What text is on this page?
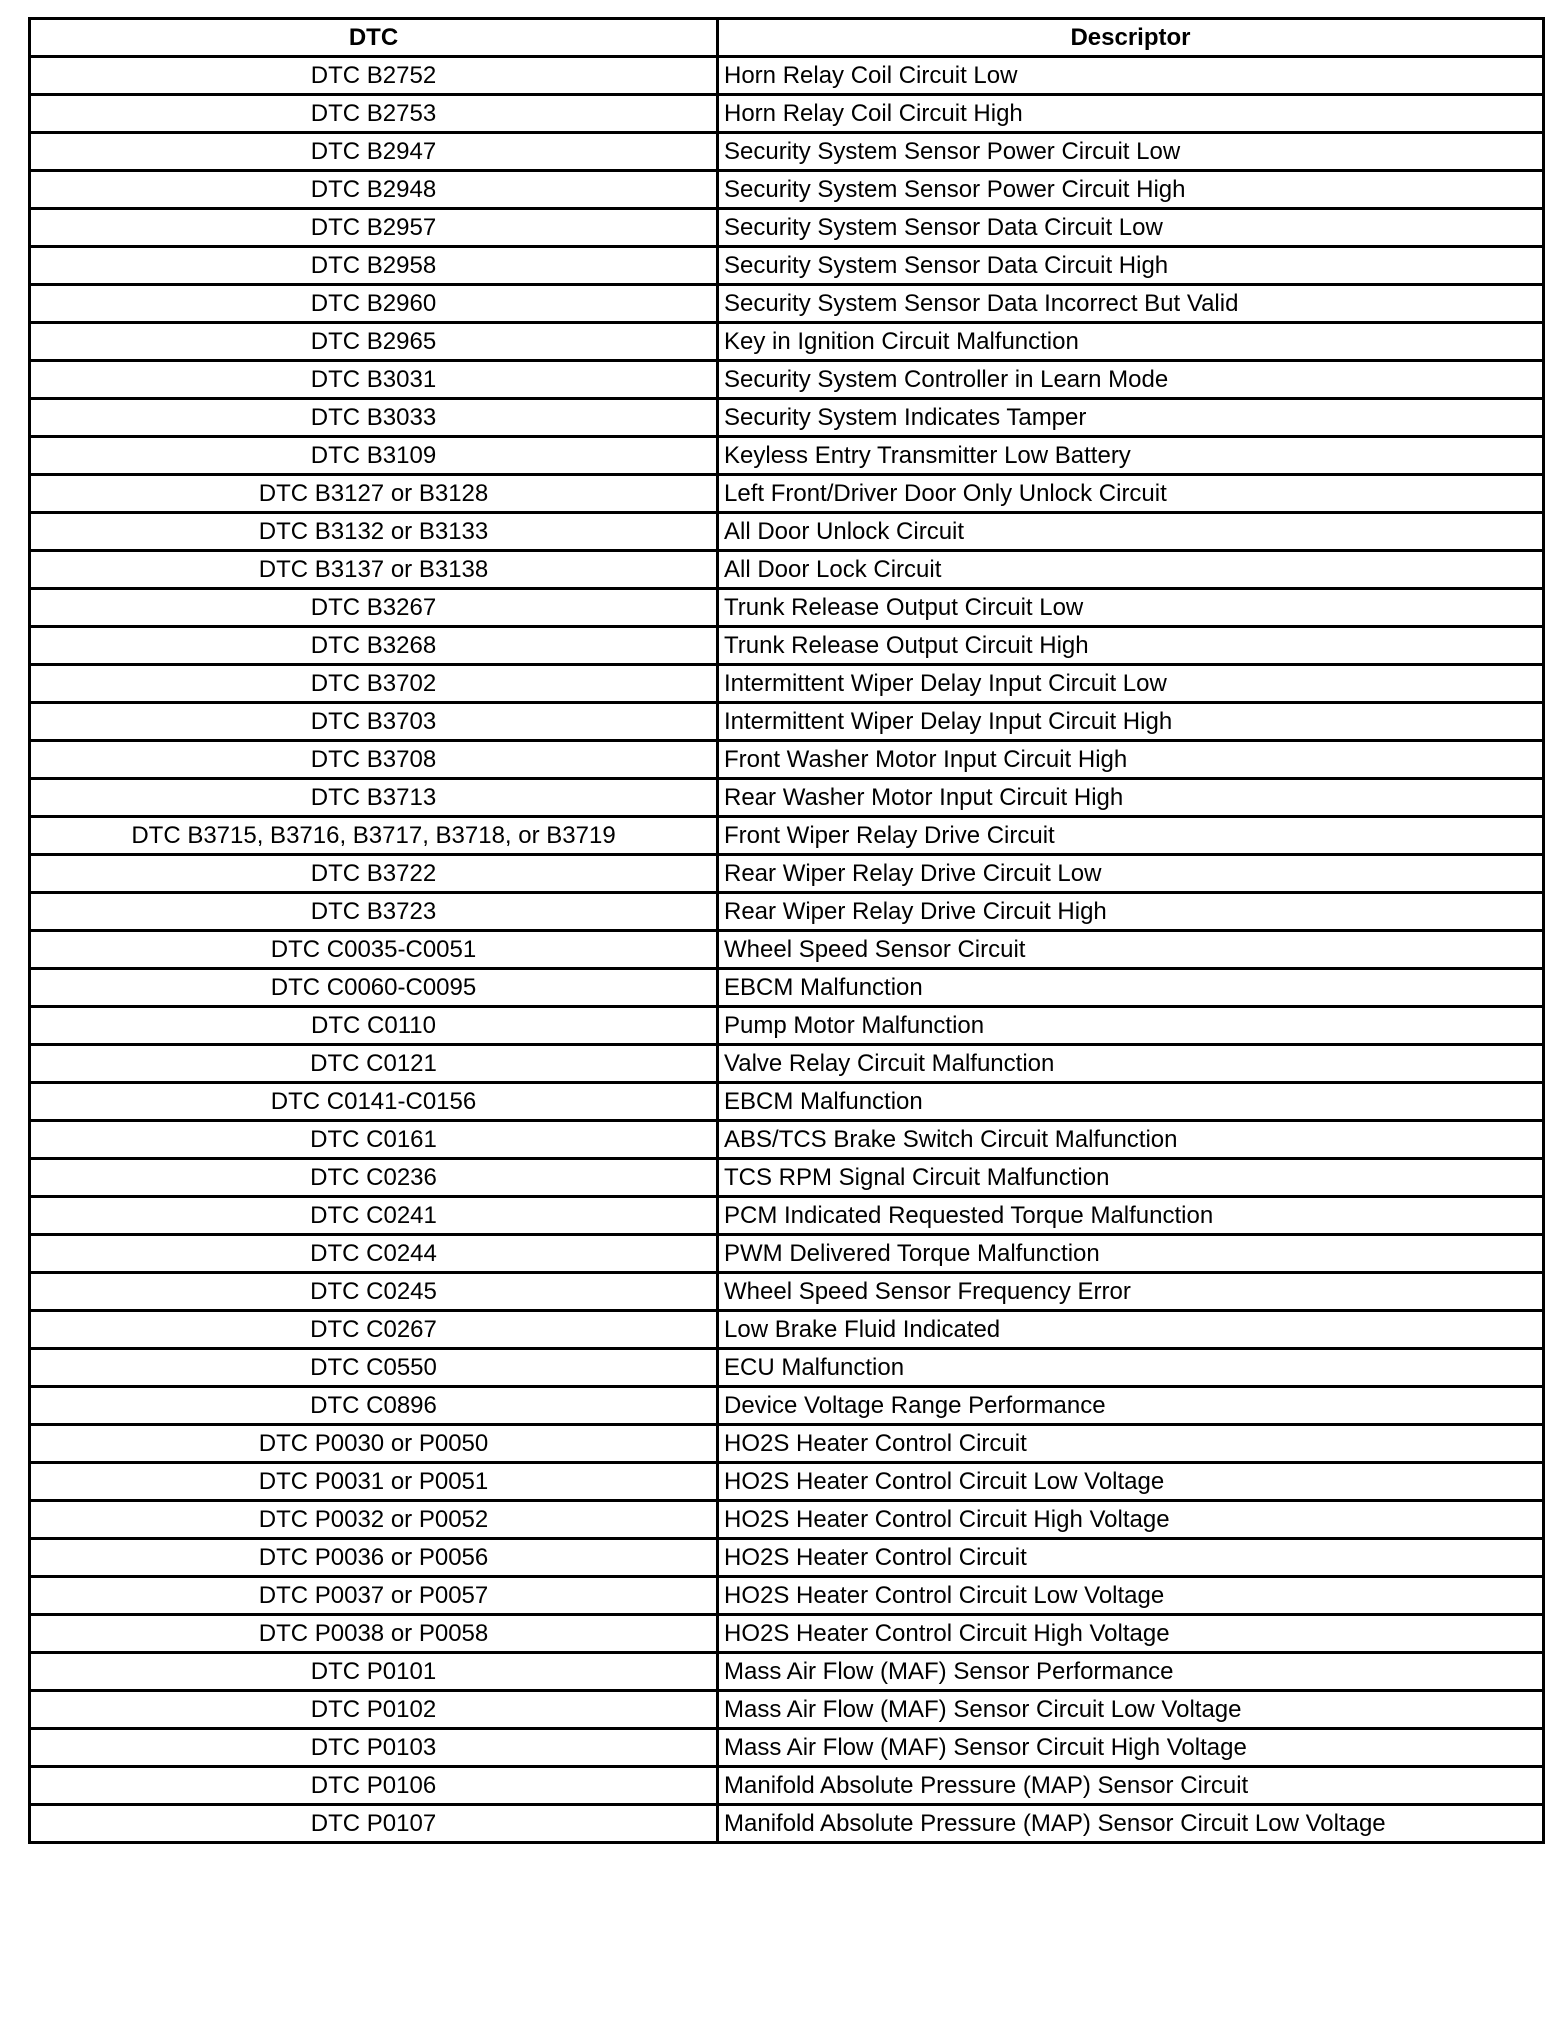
DTC	Descriptor
DTC B2752	Horn Relay Coil Circuit Low
DTC B2753	Horn Relay Coil Circuit High
DTC B2947	Security System Sensor Power Circuit Low
DTC B2948	Security System Sensor Power Circuit High
DTC B2957	Security System Sensor Data Circuit Low
DTC B2958	Security System Sensor Data Circuit High
DTC B2960	Security System Sensor Data Incorrect But Valid
DTC B2965	Key in Ignition Circuit Malfunction
DTC B3031	Security System Controller in Learn Mode
DTC B3033	Security System Indicates Tamper
DTC B3109	Keyless Entry Transmitter Low Battery
DTC B3127 or B3128	Left Front/Driver Door Only Unlock Circuit
DTC B3132 or B3133	All Door Unlock Circuit
DTC B3137 or B3138	All Door Lock Circuit
DTC B3267	Trunk Release Output Circuit Low
DTC B3268	Trunk Release Output Circuit High
DTC B3702	Intermittent Wiper Delay Input Circuit Low
DTC B3703	Intermittent Wiper Delay Input Circuit High
DTC B3708	Front Washer Motor Input Circuit High
DTC B3713	Rear Washer Motor Input Circuit High
DTC B3715, B3716, B3717, B3718, or B3719	Front Wiper Relay Drive Circuit
DTC B3722	Rear Wiper Relay Drive Circuit Low
DTC B3723	Rear Wiper Relay Drive Circuit High
DTC C0035-C0051	Wheel Speed Sensor Circuit
DTC C0060-C0095	EBCM Malfunction
DTC C0110	Pump Motor Malfunction
DTC C0121	Valve Relay Circuit Malfunction
DTC C0141-C0156	EBCM Malfunction
DTC C0161	ABS/TCS Brake Switch Circuit Malfunction
DTC C0236	TCS RPM Signal Circuit Malfunction
DTC C0241	PCM Indicated Requested Torque Malfunction
DTC C0244	PWM Delivered Torque Malfunction
DTC C0245	Wheel Speed Sensor Frequency Error
DTC C0267	Low Brake Fluid Indicated
DTC C0550	ECU Malfunction
DTC C0896	Device Voltage Range Performance
DTC P0030 or P0050	HO2S Heater Control Circuit
DTC P0031 or P0051	HO2S Heater Control Circuit Low Voltage
DTC P0032 or P0052	HO2S Heater Control Circuit High Voltage
DTC P0036 or P0056	HO2S Heater Control Circuit
DTC P0037 or P0057	HO2S Heater Control Circuit Low Voltage
DTC P0038 or P0058	HO2S Heater Control Circuit High Voltage
DTC P0101	Mass Air Flow (MAF) Sensor Performance
DTC P0102	Mass Air Flow (MAF) Sensor Circuit Low Voltage
DTC P0103	Mass Air Flow (MAF) Sensor Circuit High Voltage
DTC P0106	Manifold Absolute Pressure (MAP) Sensor Circuit
DTC P0107	Manifold Absolute Pressure (MAP) Sensor Circuit Low Voltage
